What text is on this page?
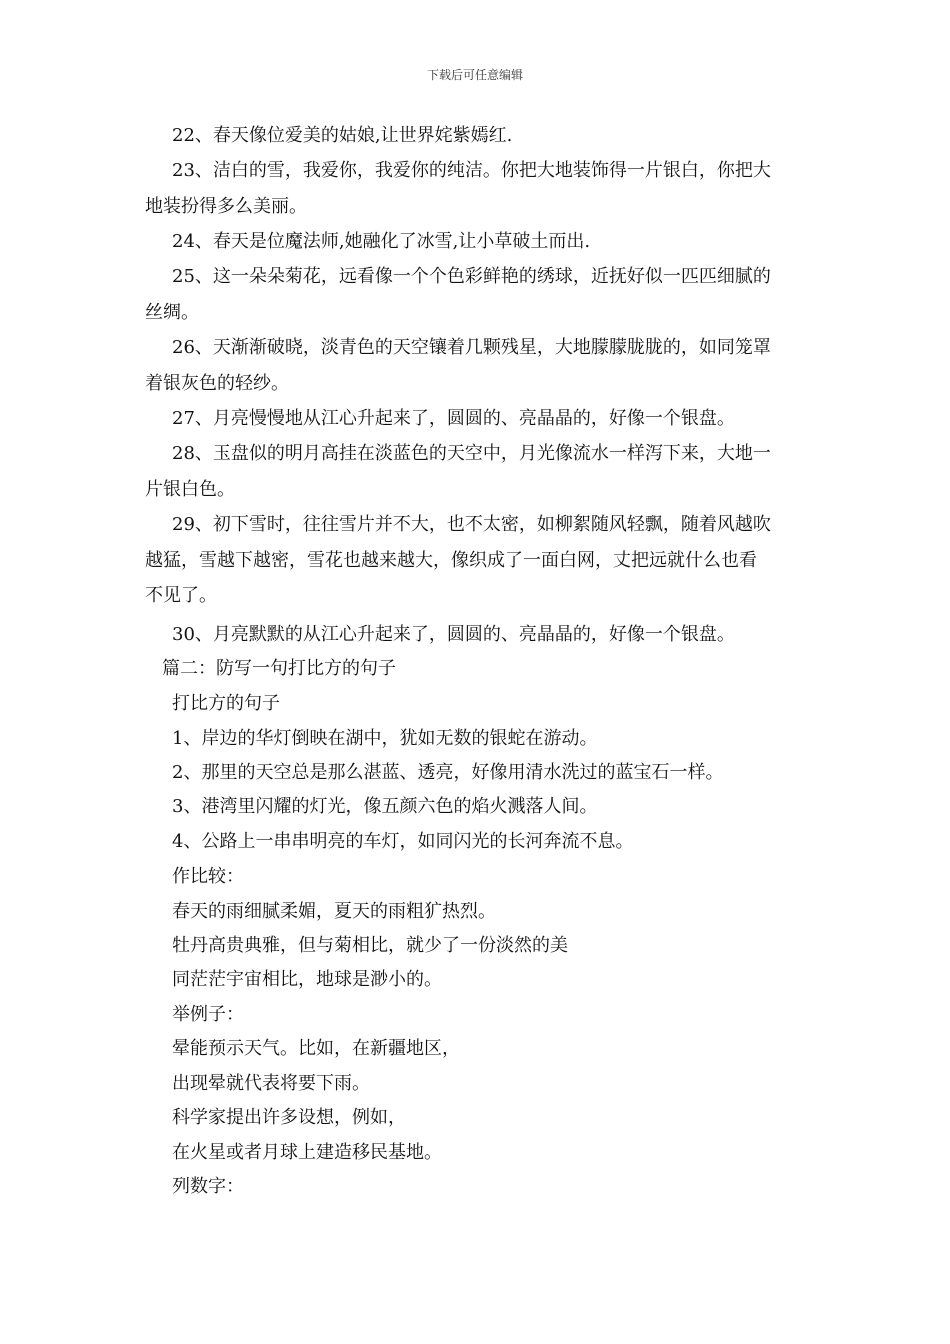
下载后可任意编辑
22、春天像位爱美的姑娘,让世界姹紫嫣红.
23、洁白的雪，我爱你，我爱你的纯洁。你把大地装饰得一片银白，你把大
地装扮得多么美丽。
24、春天是位魔法师,她融化了冰雪,让小草破土而出.
25、这一朵朵菊花，远看像一个个色彩鲜艳的绣球，近抚好似一匹匹细腻的
丝绸。
26、天渐渐破晓，淡青色的天空镶着几颗残星，大地朦朦胧胧的，如同笼罩
着银灰色的轻纱。
27、月亮慢慢地从江心升起来了，圆圆的、亮晶晶的，好像一个银盘。
28、玉盘似的明月高挂在淡蓝色的天空中，月光像流水一样泻下来，大地一
片银白色。
29、初下雪时，往往雪片并不大，也不太密，如柳絮随风轻飘，随着风越吹
越猛，雪越下越密，雪花也越来越大，像织成了一面白网，丈把远就什么也看
不见了。
30、月亮默默的从江心升起来了，圆圆的、亮晶晶的，好像一个银盘。
篇二：防写一句打比方的句子
打比方的句子
1、岸边的华灯倒映在湖中，犹如无数的银蛇在游动。
2、那里的天空总是那么湛蓝、透亮，好像用清水洗过的蓝宝石一样。
3、港湾里闪耀的灯光，像五颜六色的焰火溅落人间。
4、公路上一串串明亮的车灯，如同闪光的长河奔流不息。
作比较：
春天的雨细腻柔媚，夏天的雨粗犷热烈。
牡丹高贵典雅，但与菊相比，就少了一份淡然的美
同茫茫宇宙相比，地球是渺小的。
举例子：
晕能预示天气。比如，在新疆地区，
出现晕就代表将要下雨。
科学家提出许多设想，例如，
在火星或者月球上建造移民基地。
列数字：
